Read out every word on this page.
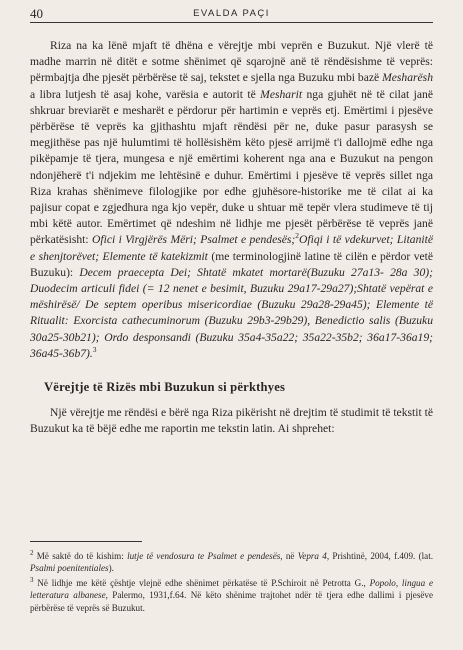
40	EVALDA PAÇI

Riza na ka lënë mjaft të dhëna e vërejtje mbi veprën e Buzukut. Një vlerë të madhe marrin në ditët e sotme shënimet që sqarojnë anë të rëndësishme të veprës: përmbajtja dhe pjesët përbërëse të saj, tekstet e sjella nga Buzuku mbi bazë Mesharësh a libra lutjesh të asaj kohe, varësia e autorit të Mesharit nga gjuhët në të cilat janë shkruar breviarët e mesharët e përdorur për hartimin e veprës etj. Emërtimi i pjesëve përbërëse të veprës ka gjithashtu mjaft rëndësi për ne, duke pasur parasysh se megjithëse pas një hulumtimi të hollësishëm këto pjesë arrijmë t'i dallojmë edhe nga pikëpamje të tjera, mungesa e një emërtimi koherent nga ana e Buzukut na pengon ndonjëherë t'i ndjekim me lehtësinë e duhur. Emërtimi i pjesëve të veprës sillet nga Riza krahas shënimeve filologjike por edhe gjuhësore-historike me të cilat ai ka pajisur copat e zgjedhura nga kjo vepër, duke u shtuar më tepër vlera studimeve të tij mbi këtë autor. Emërtimet që ndeshim në lidhje me pjesët përbërëse të veprës janë përkatësisht: Ofici i Virgjërës Mëri; Psalmet e pendesës;$^2$Ofiqi i të vdekurvet; Litanitë e shenjtorëvet; Elemente të katekizmit (me terminologjinë latine të cilën e përdor vetë Buzuku): Decem praecepta Dei; Shtatë mkatet mortarë(Buzuku 27a13- 28a 30); Duodecim articuli fidei (= 12 nenet e besimit, Buzuku 29a17-29a27);Shtatë vepërat e mëshirësë/ De septem operibus misericordiae (Buzuku 29a28-29a45); Elemente të Ritualit: Exorcista cathecuminorum (Buzuku 29b3-29b29), Benedictio salis (Buzuku 30a25-30b21); Ordo desponsandi (Buzuku 35a4-35a22; 35a22-35b2; 36a17-36a19; 36a45-36b7).$^3$

Vërejtje të Rizës mbi Buzukun si përkthyes

Një vërejtje me rëndësi e bërë nga Riza pikërisht në drejtim të studimit të tekstit të Buzukut ka të bëjë edhe me raportin me tekstin latin. Ai shprehet:

$^2$ Më saktë do të kishim: lutje të vendosura te Psalmet e pendesës, në Vepra 4, Prishtinë, 2004, f.409. (lat. Psalmi poenitentiales).

$^3$ Në lidhje me këtë çështje vlejnë edhe shënimet përkatëse të P.Schiroit në Petrotta G., Popolo, lingua e letteratura albanese, Palermo, 1931,f.64. Në këto shënime trajtohet ndër të tjera edhe dallimi i pjesëve përbërëse të veprës së Buzukut.
